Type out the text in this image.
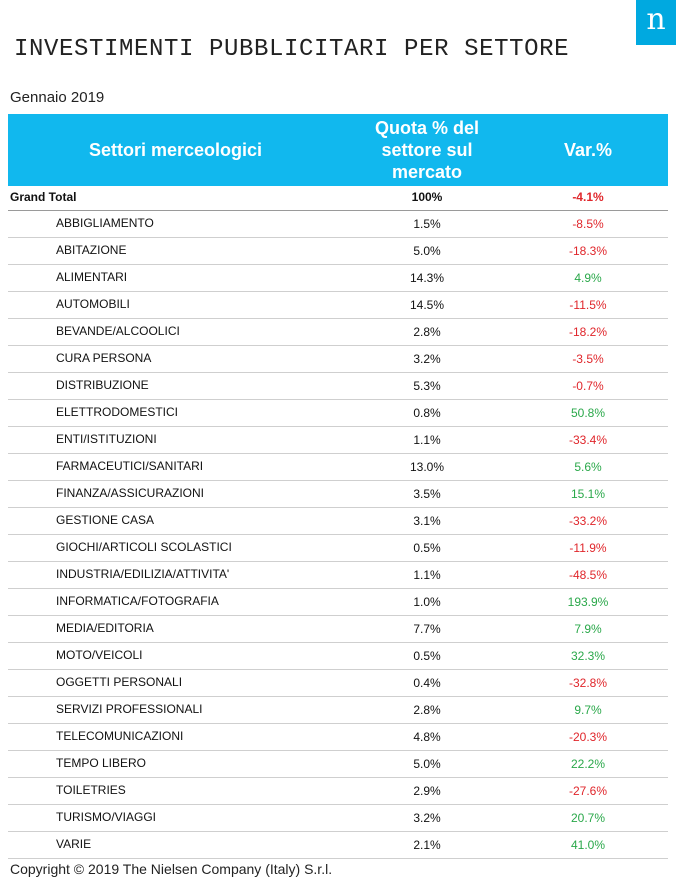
n
INVESTIMENTI PUBBLICITARI PER SETTORE
Gennaio 2019
Settori merceologici
Quota % del settore sul mercato
Var.%
Grand Total	100%	-4.1%
ABBIGLIAMENTO	1.5%	-8.5%
ABITAZIONE	5.0%	-18.3%
ALIMENTARI	14.3%	4.9%
AUTOMOBILI	14.5%	-11.5%
BEVANDE/ALCOOLICI	2.8%	-18.2%
CURA PERSONA	3.2%	-3.5%
DISTRIBUZIONE	5.3%	-0.7%
ELETTRODOMESTICI	0.8%	50.8%
ENTI/ISTITUZIONI	1.1%	-33.4%
FARMACEUTICI/SANITARI	13.0%	5.6%
FINANZA/ASSICURAZIONI	3.5%	15.1%
GESTIONE CASA	3.1%	-33.2%
GIOCHI/ARTICOLI SCOLASTICI	0.5%	-11.9%
INDUSTRIA/EDILIZIA/ATTIVITA'	1.1%	-48.5%
INFORMATICA/FOTOGRAFIA	1.0%	193.9%
MEDIA/EDITORIA	7.7%	7.9%
MOTO/VEICOLI	0.5%	32.3%
OGGETTI PERSONALI	0.4%	-32.8%
SERVIZI PROFESSIONALI	2.8%	9.7%
TELECOMUNICAZIONI	4.8%	-20.3%
TEMPO LIBERO	5.0%	22.2%
TOILETRIES	2.9%	-27.6%
TURISMO/VIAGGI	3.2%	20.7%
VARIE	2.1%	41.0%
Copyright © 2019 The Nielsen Company (Italy) S.r.l.
